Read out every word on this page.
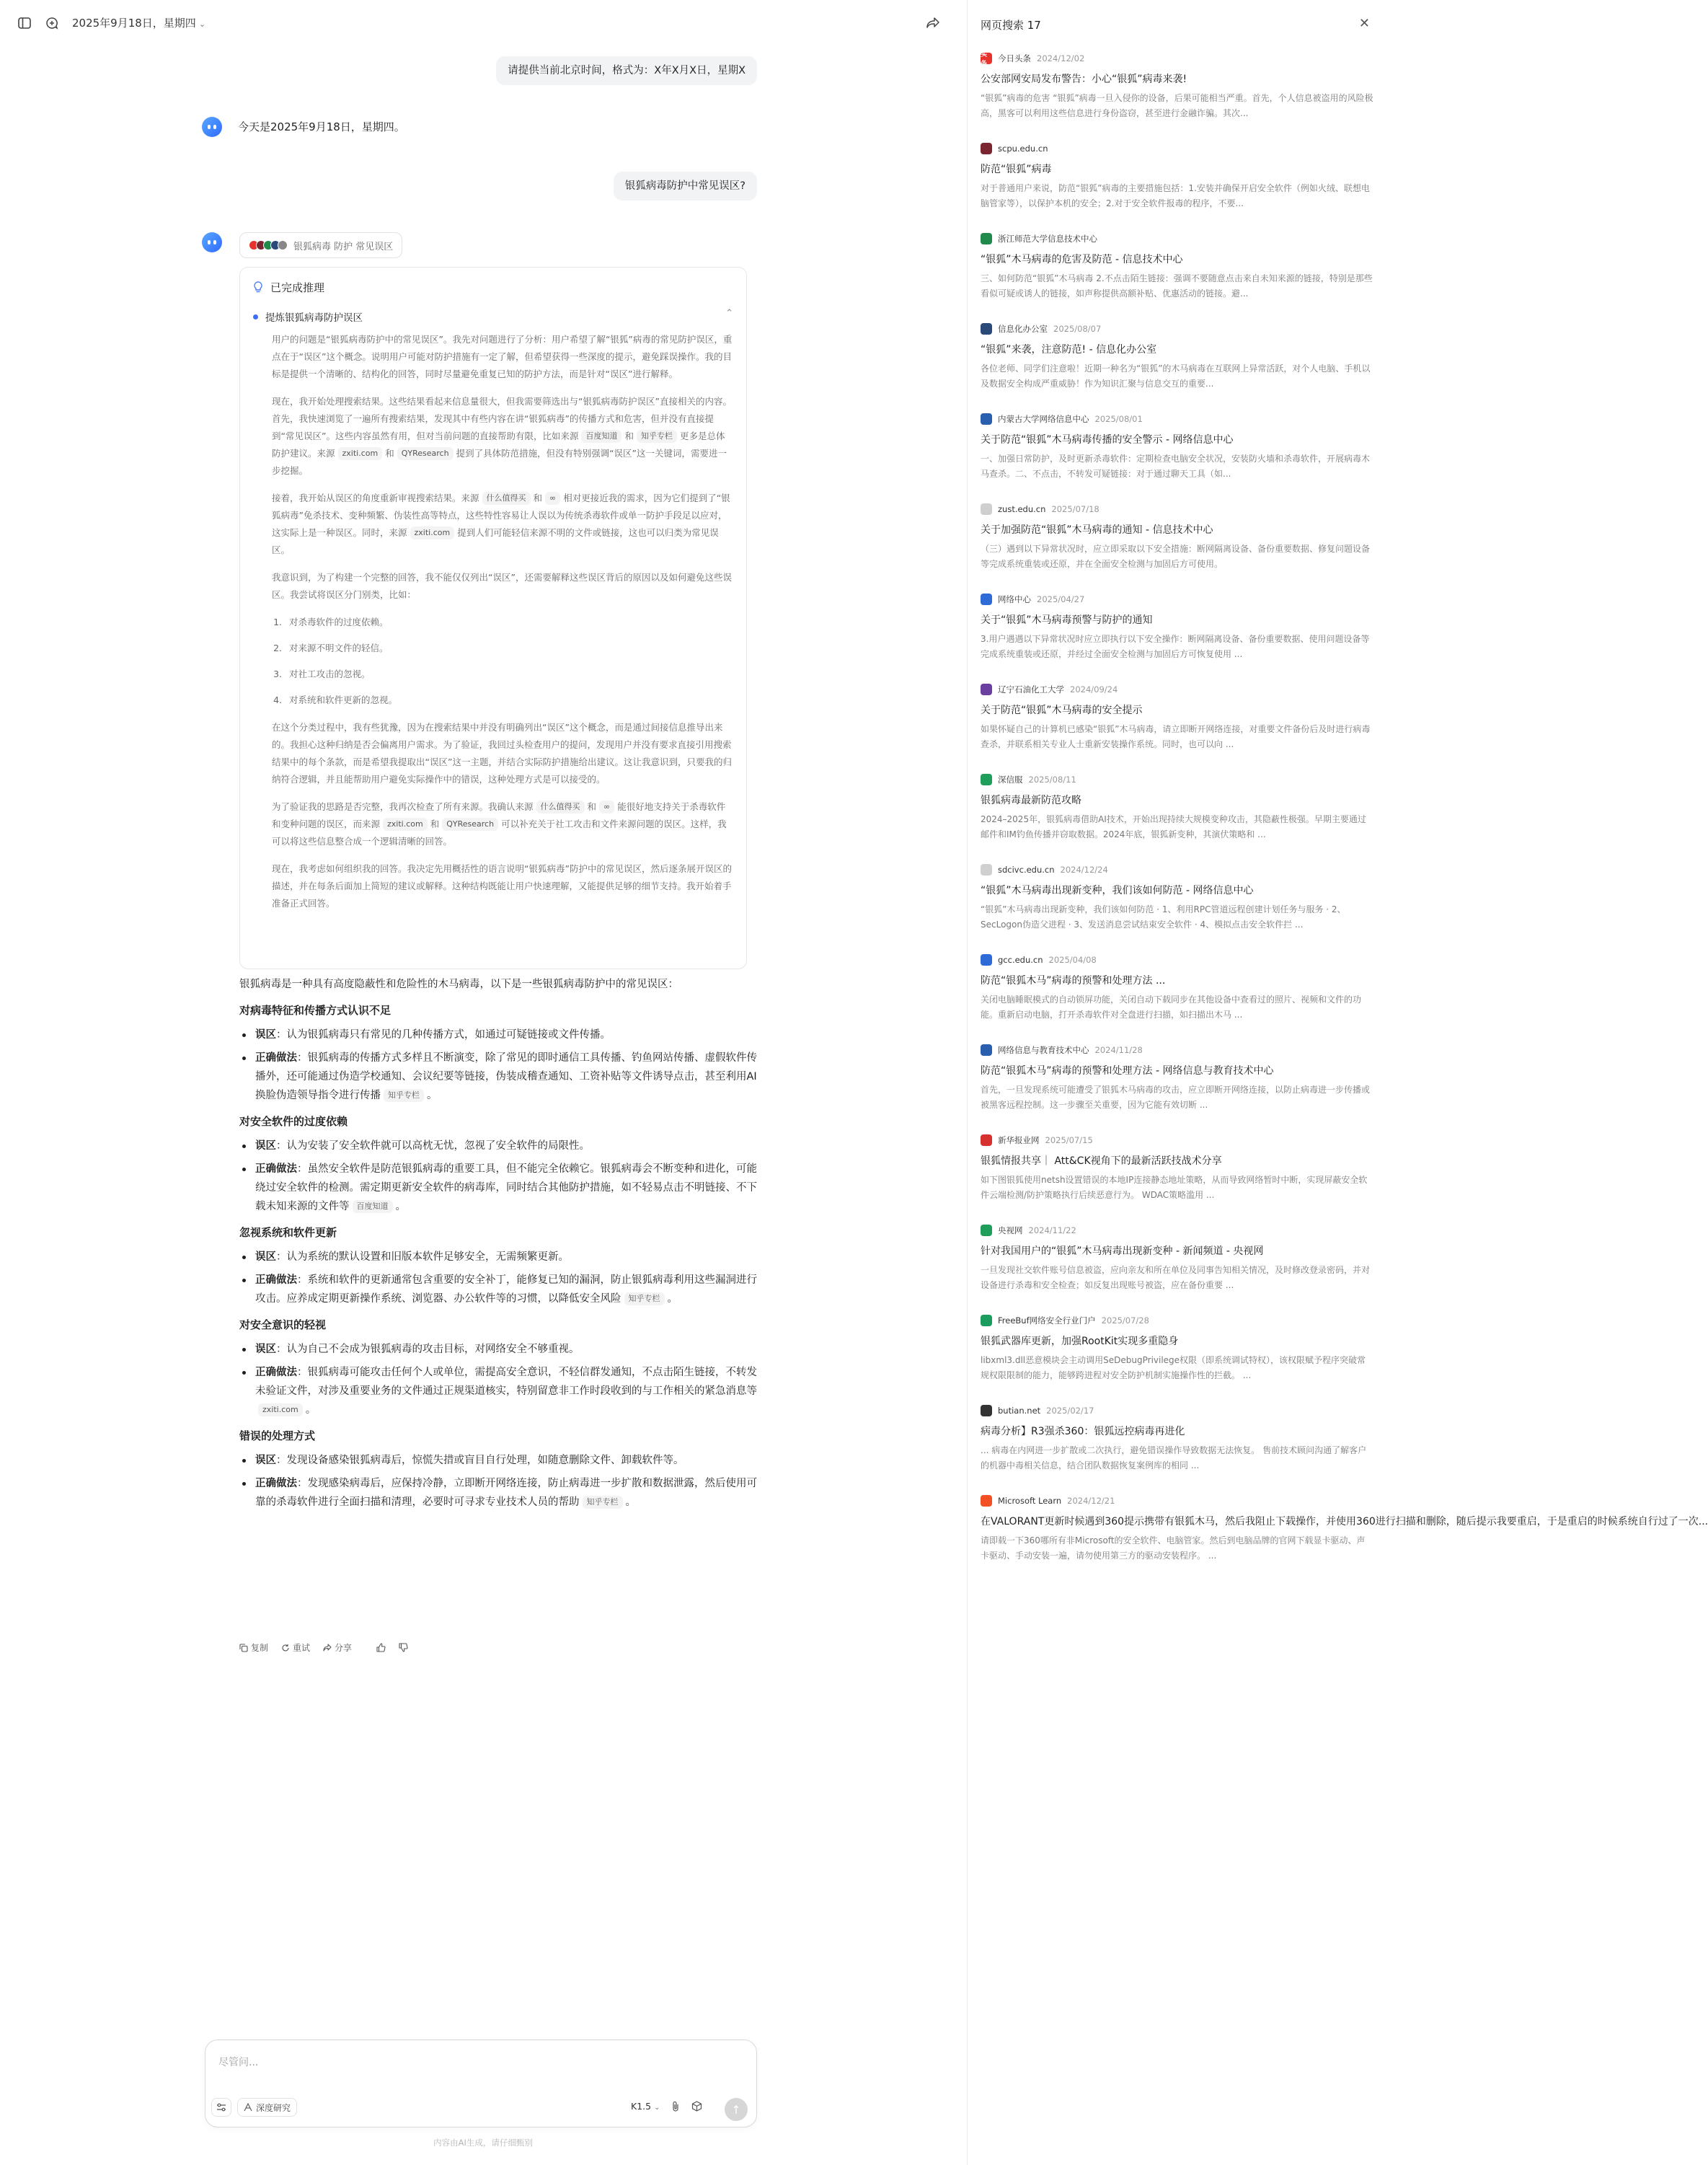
2025年9月18日，星期四 ⌄
请提供当前北京时间，格式为：X年X月X日，星期X
今天是2025年9月18日，星期四。
银狐病毒防护中常见误区?
银狐病毒 防护 常见误区
已完成推理
提炼银狐病毒防护误区	⌃

用户的问题是“银狐病毒防护中的常见误区”。我先对问题进行了分析：用户希望了解“银狐”病毒的常见防护误区，重点在于“误区”这个概念。说明用户可能对防护措施有一定了解，但希望获得一些深度的提示，避免踩误操作。我的目标是提供一个清晰的、结构化的回答，同时尽量避免重复已知的防护方法，而是针对“误区”进行解释。

现在，我开始处理搜索结果。这些结果看起来信息量很大，但我需要筛选出与“银狐病毒防护误区”直接相关的内容。首先，我快速浏览了一遍所有搜索结果，发现其中有些内容在讲“银狐病毒”的传播方式和危害，但并没有直接提到“常见误区”。这些内容虽然有用，但对当前问题的直接帮助有限，比如来源 百度知道 和 知乎专栏 更多是总体防护建议。来源 zxiti.com 和 QYResearch 提到了具体防范措施，但没有特别强调“误区”这一关键词，需要进一步挖掘。

接着，我开始从误区的角度重新审视搜索结果。来源 什么值得买 和 ∞ 相对更接近我的需求，因为它们提到了“银狐病毒”免杀技术、变种频繁、伪装性高等特点，这些特性容易让人误以为传统杀毒软件或单一防护手段足以应对，这实际上是一种误区。同时，来源 zxiti.com 提到人们可能轻信来源不明的文件或链接，这也可以归类为常见误区。

我意识到，为了构建一个完整的回答，我不能仅仅列出“误区”，还需要解释这些误区背后的原因以及如何避免这些误区。我尝试将误区分门别类，比如：

1. 对杀毒软件的过度依赖。
2. 对来源不明文件的轻信。
3. 对社工攻击的忽视。
4. 对系统和软件更新的忽视。

在这个分类过程中，我有些犹豫，因为在搜索结果中并没有明确列出“误区”这个概念，而是通过间接信息推导出来的。我担心这种归纳是否会偏离用户需求。为了验证，我回过头检查用户的提问，发现用户并没有要求直接引用搜索结果中的每个条款，而是希望我提取出“误区”这一主题，并结合实际防护措施给出建议。这让我意识到，只要我的归纳符合逻辑，并且能帮助用户避免实际操作中的错误，这种处理方式是可以接受的。

为了验证我的思路是否完整，我再次检查了所有来源。我确认来源 什么值得买 和 ∞ 能很好地支持关于杀毒软件和变种问题的误区，而来源 zxiti.com 和 QYResearch 可以补充关于社工攻击和文件来源问题的误区。这样，我可以将这些信息整合成一个逻辑清晰的回答。

现在，我考虑如何组织我的回答。我决定先用概括性的语言说明“银狐病毒”防护中的常见误区，然后逐条展开误区的描述，并在每条后面加上简短的建议或解释。这种结构既能让用户快速理解，又能提供足够的细节支持。我开始着手准备正式回答。

银狐病毒是一种具有高度隐蔽性和危险性的木马病毒，以下是一些银狐病毒防护中的常见误区：
对病毒特征和传播方式认识不足
误区：认为银狐病毒只有常见的几种传播方式，如通过可疑链接或文件传播。
正确做法：银狐病毒的传播方式多样且不断演变，除了常见的即时通信工具传播、钓鱼网站传播、虚假软件传播外，还可能通过伪造学校通知、会议纪要等链接，伪装成稽查通知、工资补贴等文件诱导点击，甚至利用AI换脸伪造领导指令进行传播 知乎专栏 。
对安全软件的过度依赖
误区：认为安装了安全软件就可以高枕无忧，忽视了安全软件的局限性。
正确做法：虽然安全软件是防范银狐病毒的重要工具，但不能完全依赖它。银狐病毒会不断变种和进化，可能绕过安全软件的检测。需定期更新安全软件的病毒库，同时结合其他防护措施，如不轻易点击不明链接、不下载未知来源的文件等 百度知道 。
忽视系统和软件更新
误区：认为系统的默认设置和旧版本软件足够安全，无需频繁更新。
正确做法：系统和软件的更新通常包含重要的安全补丁，能修复已知的漏洞，防止银狐病毒利用这些漏洞进行攻击。应养成定期更新操作系统、浏览器、办公软件等的习惯，以降低安全风险 知乎专栏 。
对安全意识的轻视
误区：认为自己不会成为银狐病毒的攻击目标，对网络安全不够重视。
正确做法：银狐病毒可能攻击任何个人或单位，需提高安全意识，不轻信群发通知，不点击陌生链接，不转发未验证文件，对涉及重要业务的文件通过正规渠道核实，特别留意非工作时段收到的与工作相关的紧急消息等zxiti.com 。
错误的处理方式
误区：发现设备感染银狐病毒后，惊慌失措或盲目自行处理，如随意删除文件、卸载软件等。
正确做法：发现感染病毒后，应保持冷静，立即断开网络连接，防止病毒进一步扩散和数据泄露，然后使用可靠的杀毒软件进行全面扫描和清理，必要时可寻求专业技术人员的帮助 知乎专栏 。
复制	重试	分享
尽管问...
深度研究	K1.5 ⌄	↑
内容由AI生成，请仔细甄别
网页搜索 17	✕
头条
今日头条 2024/12/02
公安部网安局发布警告：小心“银狐”病毒来袭!
“银狐”病毒的危害 “银狐”病毒一旦入侵你的设备，后果可能相当严重。首先，个人信息被盗用的风险极高，黑客可以利用这些信息进行身份盗窃，甚至进行金融诈骗。其次...
scpu.edu.cn
防范“银狐”病毒
对于普通用户来说，防范“银狐”病毒的主要措施包括：1.安装并确保开启安全软件（例如火绒、联想电脑管家等），以保护本机的安全；2.对于安全软件报毒的程序，不要...
浙江师范大学信息技术中心
“银狐”木马病毒的危害及防范 - 信息技术中心
三、如何防范“银狐”木马病毒 2.不点击陌生链接：强调不要随意点击来自未知来源的链接，特别是那些看似可疑或诱人的链接，如声称提供高额补贴、优惠活动的链接。避...
信息化办公室 2025/08/07
“银狐”来袭，注意防范! - 信息化办公室
各位老师、同学们注意啦！近期一种名为“银狐”的木马病毒在互联网上异常活跃，对个人电脑、手机以及数据安全构成严重威胁！作为知识汇聚与信息交互的重要...
内蒙古大学网络信息中心 2025/08/01
关于防范“银狐”木马病毒传播的安全警示 - 网络信息中心
一、加强日常防护，及时更新杀毒软件：定期检查电脑安全状况，安装防火墙和杀毒软件，开展病毒木马查杀。二、不点击，不转发可疑链接：对于通过聊天工具（如...
zust.edu.cn 2025/07/18
关于加强防范“银狐”木马病毒的通知 - 信息技术中心
（三）遇到以下异常状况时，应立即采取以下安全措施：断网隔离设备、备份重要数据、修复问题设备等完成系统重装或还原，并在全面安全检测与加固后方可使用。
网络中心 2025/04/27
关于“银狐”木马病毒预警与防护的通知
3.用户遇遇以下异常状况时应立即执行以下安全操作：断网隔离设备、备份重要数据、使用问题设备等完成系统重装或还原，并经过全面安全检测与加固后方可恢复使用 ...
辽宁石油化工大学 2024/09/24
关于防范“银狐”木马病毒的安全提示
如果怀疑自己的计算机已感染“银狐”木马病毒，请立即断开网络连接，对重要文件备份后及时进行病毒查杀，并联系相关专业人士重新安装操作系统。同时，也可以向 ...
深信服 2025/08/11
银狐病毒最新防范攻略
2024–2025年，银狐病毒借助AI技术，开始出现持续大规模变种攻击，其隐蔽性极强。早期主要通过邮件和IM钓鱼传播并窃取数据。2024年底，银狐新变种，其演伏策略和 ...
sdcivc.edu.cn 2024/12/24
“银狐”木马病毒出现新变种，我们该如何防范 - 网络信息中心
“银狐”木马病毒出现新变种，我们该如何防范 · 1、利用RPC管道远程创建计划任务与服务 · 2、SecLogon伪造父进程 · 3、发送消息尝试结束安全软件 · 4、模拟点击安全软件拦 ...
gcc.edu.cn 2025/04/08
防范“银狐木马”病毒的预警和处理方法 ...
关闭电脑睡眠模式的自动锁屏功能，关闭自动下载同步在其他设备中查看过的照片、视频和文件的功能。重新启动电脑，打开杀毒软件对全盘进行扫描，如扫描出木马 ...
网络信息与教育技术中心 2024/11/28
防范“银狐木马”病毒的预警和处理方法 - 网络信息与教育技术中心
首先，一旦发现系统可能遭受了银狐木马病毒的攻击，应立即断开网络连接，以防止病毒进一步传播或被黑客远程控制。这一步骤至关重要，因为它能有效切断 ...
新华报业网 2025/07/15
银狐情报共享｜ Att&CK视角下的最新活跃技战术分享
如下图银狐使用netsh设置错误的本地IP连接静态地址策略，从而导致网络暂时中断，实现屏蔽安全软件云端检测/防护策略执行后续恶意行为。 WDAC策略滥用 ...
央视网 2024/11/22
针对我国用户的“银狐”木马病毒出现新变种 - 新闻频道 - 央视网
一旦发现社交软件账号信息被盗，应向亲友和所在单位及同事告知相关情况，及时修改登录密码，并对设备进行杀毒和安全检查；如反复出现账号被盗，应在备份重要 ...
FreeBuf网络安全行业门户 2025/07/28
银狐武器库更新，加强RootKit实现多重隐身
libxml3.dll恶意模块会主动调用SeDebugPrivilege权限（即系统调试特权），该权限赋予程序突破常规权限限制的能力，能够跨进程对安全防护机制实施操作性的拦截。 ...
butian.net 2025/02/17
病毒分析】R3强杀360：银狐远控病毒再进化
... 病毒在内网进一步扩散或二次执行，避免错误操作导致数据无法恢复。 售前技术顾问沟通了解客户的机器中毒相关信息，结合团队数据恢复案例库的相同 ...
Microsoft Learn 2024/12/21
在VALORANT更新时候遇到360提示携带有银狐木马，然后我阻止下载操作，并使用360进行扫描和删除，随后提示我要重启，于是重启的时候系统自行过了一次...
请即载一下360哪所有非Microsoft的安全软件、电脑管家。然后到电脑品牌的官网下载显卡驱动、声卡驱动、手动安装一遍，请勿使用第三方的驱动安装程序。 ...
